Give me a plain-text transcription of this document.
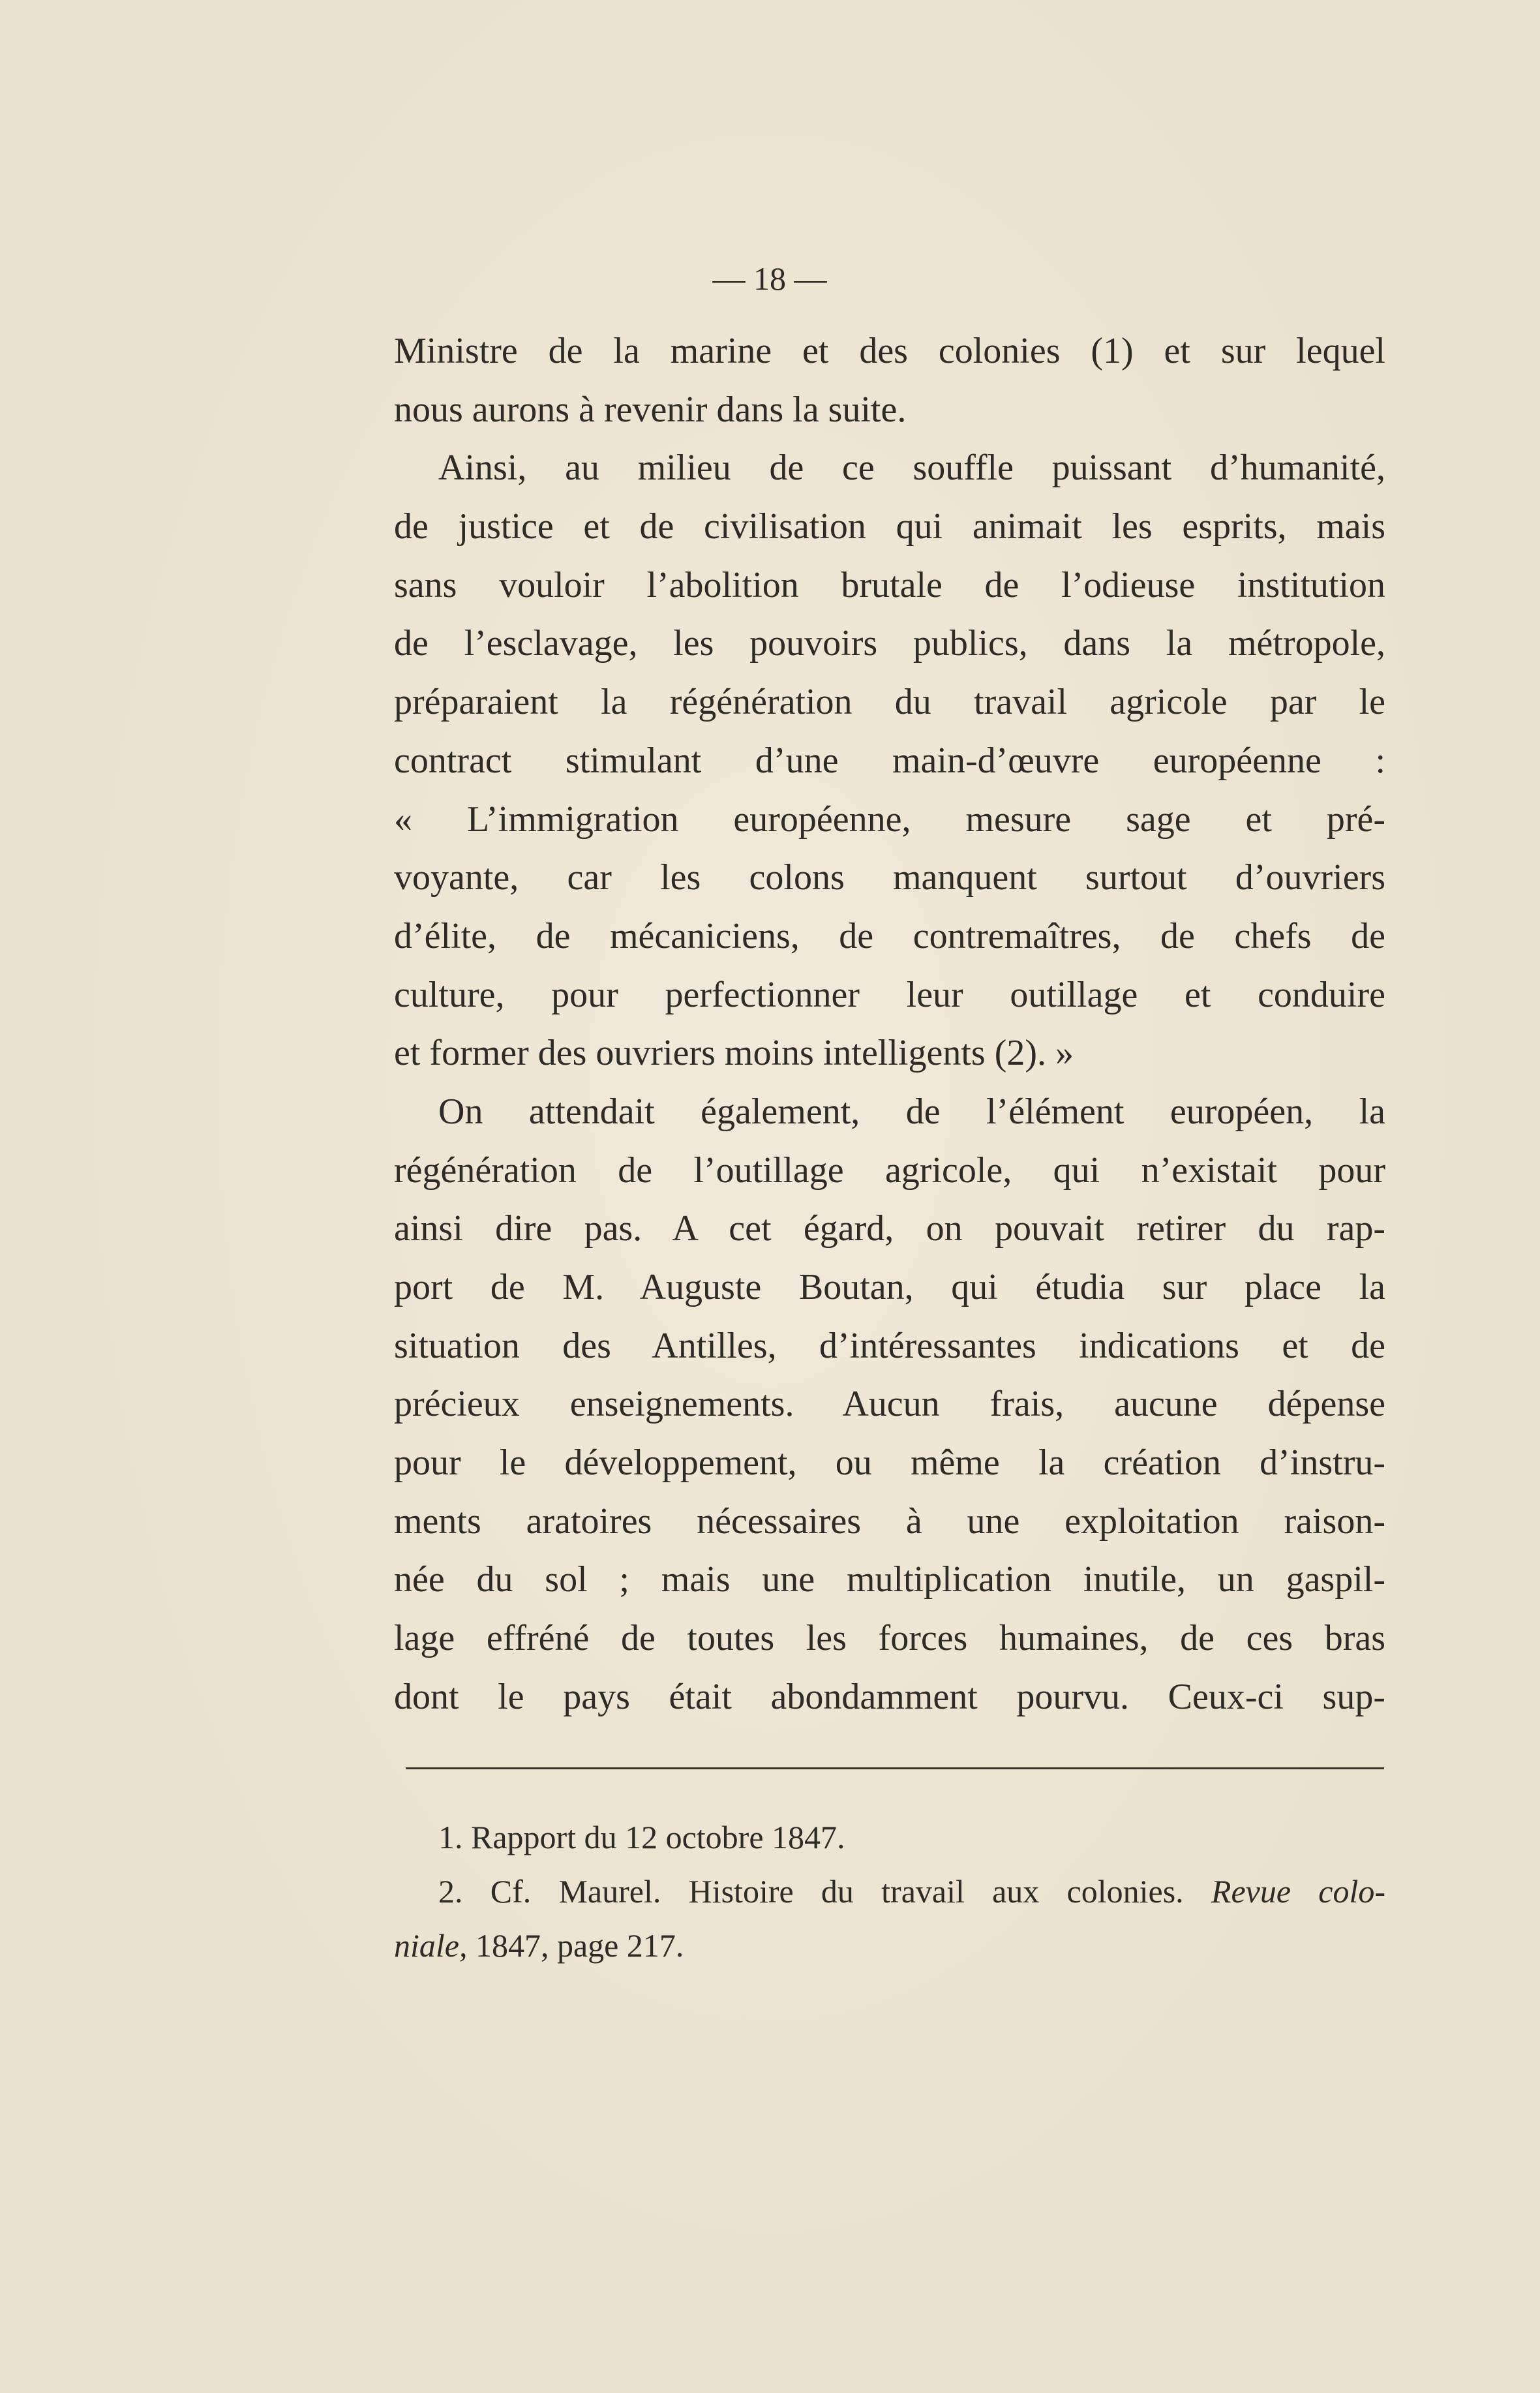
— 18 —
Ministre de la marine et des colonies (1) et sur lequel
nous aurons à revenir dans la suite.
Ainsi, au milieu de ce souffle puissant d’humanité,
de justice et de civilisation qui animait les esprits, mais
sans vouloir l’abolition brutale de l’odieuse institution
de l’esclavage, les pouvoirs publics, dans la métropole,
préparaient la régénération du travail agricole par le
contract stimulant d’une main-d’œuvre européenne :
« L’immigration européenne, mesure sage et pré-
voyante, car les colons manquent surtout d’ouvriers
d’élite, de mécaniciens, de contremaîtres, de chefs de
culture, pour perfectionner leur outillage et conduire
et former des ouvriers moins intelligents (2). »
On attendait également, de l’élément européen, la
régénération de l’outillage agricole, qui n’existait pour
ainsi dire pas. A cet égard, on pouvait retirer du rap-
port de M. Auguste Boutan, qui étudia sur place la
situation des Antilles, d’intéressantes indications et de
précieux enseignements. Aucun frais, aucune dépense
pour le développement, ou même la création d’instru-
ments aratoires nécessaires à une exploitation raison-
née du sol ; mais une multiplication inutile, un gaspil-
lage effréné de toutes les forces humaines, de ces bras
dont le pays était abondamment pourvu. Ceux-ci sup-
1. Rapport du 12 octobre 1847.
2. Cf. Maurel. Histoire du travail aux colonies. Revue colo-
niale, 1847, page 217.
